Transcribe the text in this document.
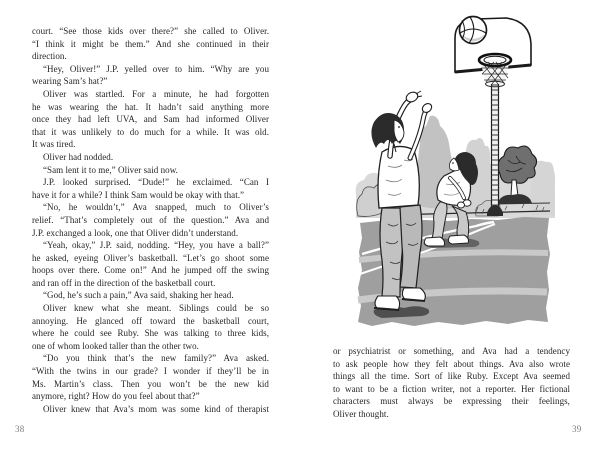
court. “See those kids over there?” she called to Oliver.
“I think it might be them.” And she continued in their
direction.
“Hey, Oliver!” J.P. yelled over to him. “Why are you
wearing Sam’s hat?”
Oliver was startled. For a minute, he had forgotten
he was wearing the hat. It hadn’t said anything more
once they had left UVA, and Sam had informed Oliver
that it was unlikely to do much for a while. It was old.
It was tired.
Oliver had nodded.
“Sam lent it to me,” Oliver said now.
J.P. looked surprised. “Dude!” he exclaimed. “Can I
have it for a while? I think Sam would be okay with that.”
“No, he wouldn’t,” Ava snapped, much to Oliver’s
relief. “That’s completely out of the question.” Ava and
J.P. exchanged a look, one that Oliver didn’t understand.
“Yeah, okay,” J.P. said, nodding. “Hey, you have a ball?”
he asked, eyeing Oliver’s basketball. “Let’s go shoot some
hoops over there. Come on!” And he jumped off the swing
and ran off in the direction of the basketball court.
“God, he’s such a pain,” Ava said, shaking her head.
Oliver knew what she meant. Siblings could be so
annoying. He glanced off toward the basketball court,
where he could see Ruby. She was talking to three kids,
one of whom looked taller than the other two.
“Do you think that’s the new family?” Ava asked.
“With the twins in our grade? I wonder if they’ll be in
Ms. Martin’s class. Then you won’t be the new kid
anymore, right? How do you feel about that?”
Oliver knew that Ava’s mom was some kind of therapist
38
or psychiatrist or something, and Ava had a tendency
to ask people how they felt about things. Ava also wrote
things all the time. Sort of like Ruby. Except Ava seemed
to want to be a fiction writer, not a reporter. Her fictional
characters must always be expressing their feelings,
Oliver thought.
39
